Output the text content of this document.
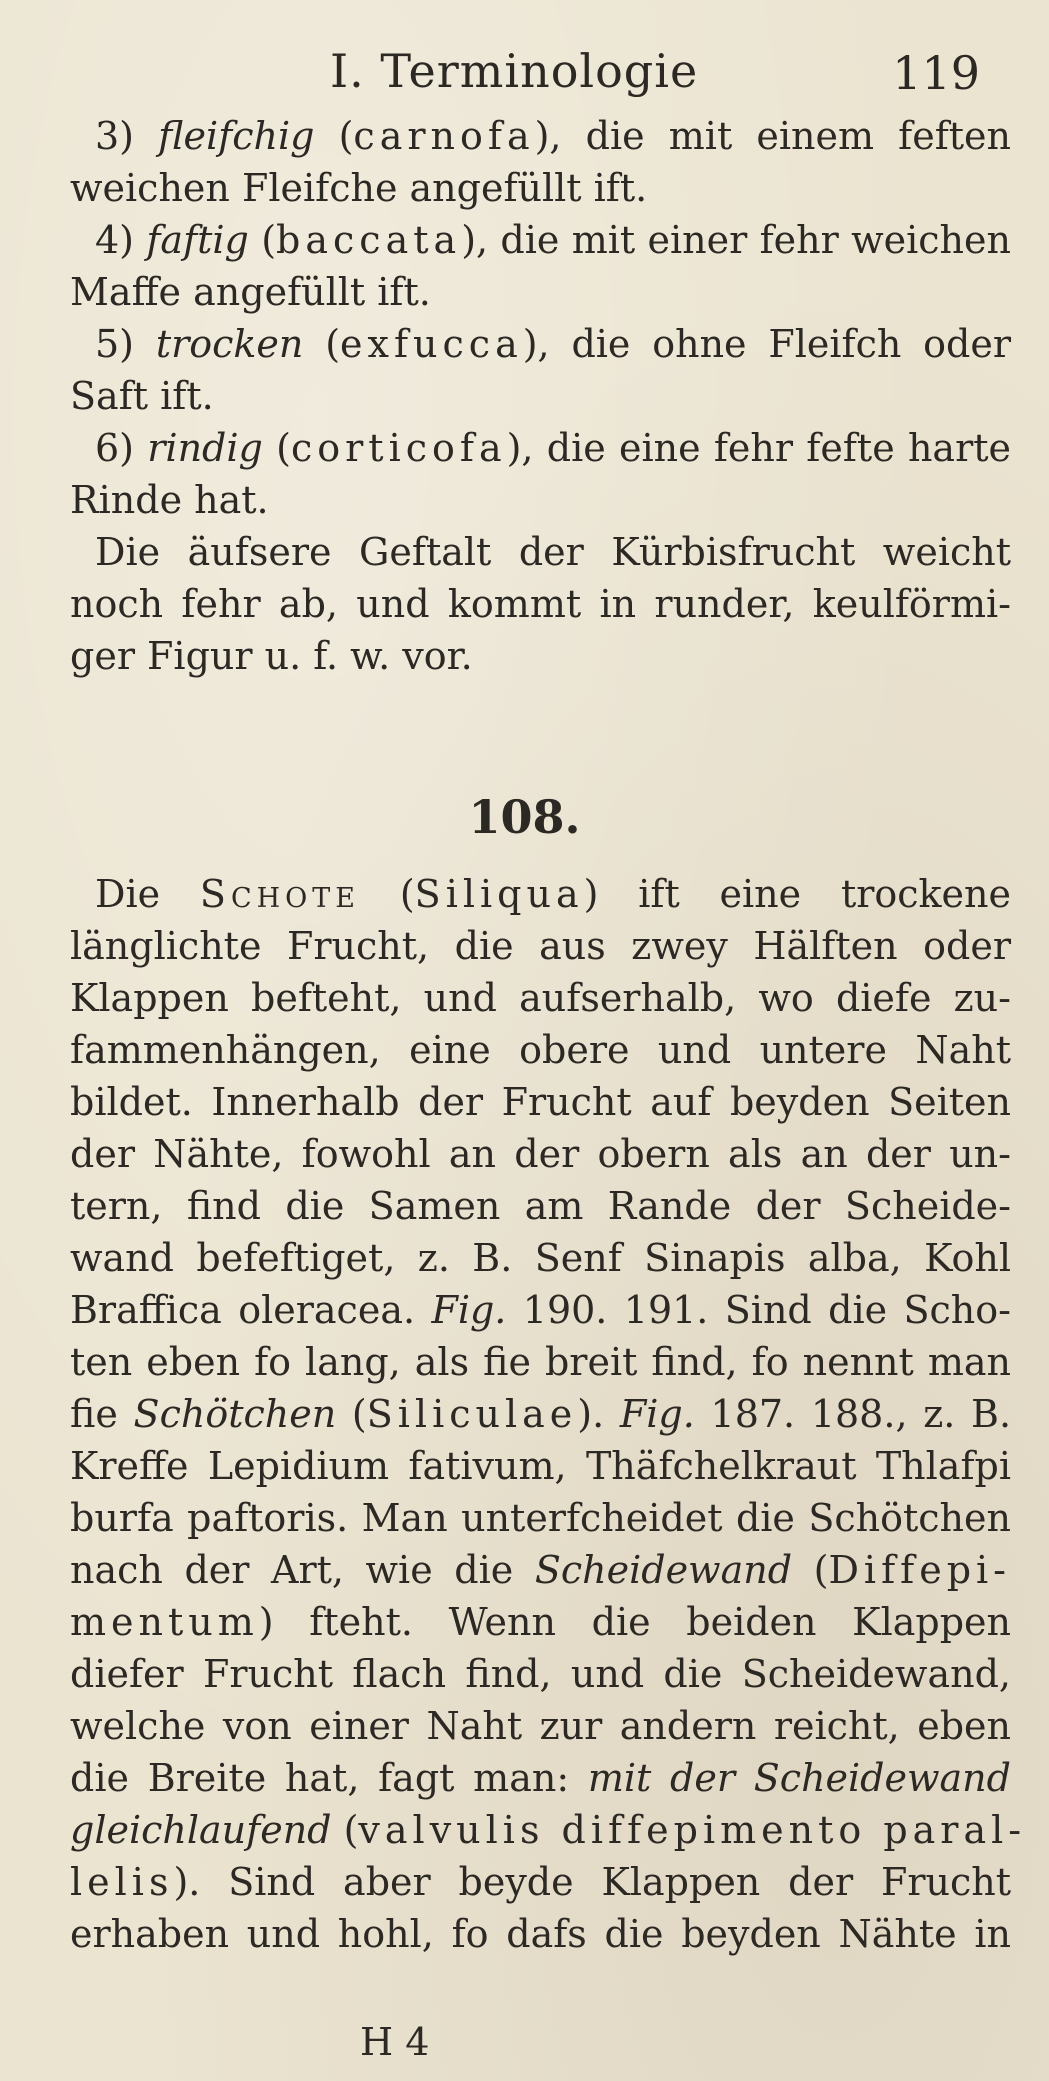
I. Terminologie	119
3) fleifchig (carnofa), die mit einem feften
weichen Fleifche angefüllt ift.
4) faftig (baccata), die mit einer fehr weichen
Maffe angefüllt ift.
5) trocken (exfucca), die ohne Fleifch oder
Saft ift.
6) rindig (corticofa), die eine fehr fefte harte
Rinde hat.
Die äufsere Geftalt der Kürbisfrucht weicht
noch fehr ab, und kommt in runder, keulförmi-
ger Figur u. f. w. vor.
108.
Die Schote (Siliqua) ift eine trockene
länglichte Frucht, die aus zwey Hälften oder
Klappen befteht, und aufserhalb, wo diefe zu-
fammenhängen, eine obere und untere Naht
bildet. Innerhalb der Frucht auf beyden Seiten
der Nähte, fowohl an der obern als an der un-
tern, find die Samen am Rande der Scheide-
wand befeftiget, z. B. Senf Sinapis alba, Kohl
Braffica oleracea. Fig. 190. 191. Sind die Scho-
ten eben fo lang, als fie breit find, fo nennt man
fie Schötchen (Siliculae). Fig. 187. 188., z. B.
Kreffe Lepidium fativum, Thäfchelkraut Thlafpi
burfa paftoris. Man unterfcheidet die Schötchen
nach der Art, wie die Scheidewand (Diffepi-
mentum) fteht. Wenn die beiden Klappen
diefer Frucht flach find, und die Scheidewand,
welche von einer Naht zur andern reicht, eben
die Breite hat, fagt man: mit der Scheidewand
gleichlaufend (valvulis diffepimento paral-
lelis). Sind aber beyde Klappen der Frucht
erhaben und hohl, fo dafs die beyden Nähte in
H 4
